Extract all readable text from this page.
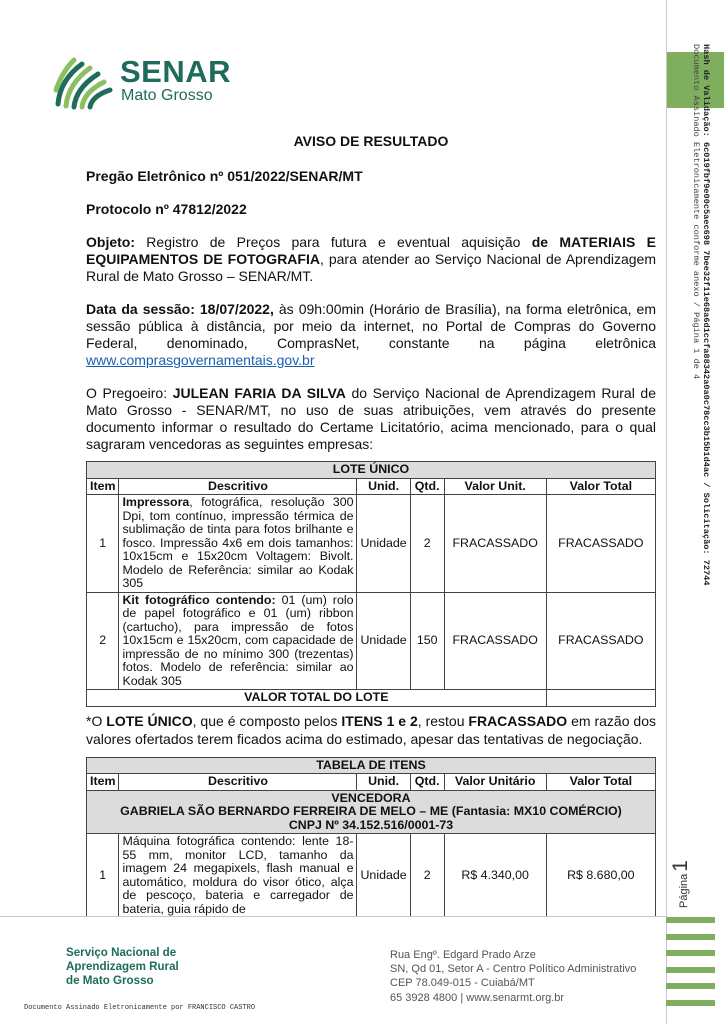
Hash de Validação: 6c019fbf9e00c5aec698 7bee32f11e68a6d1ccfa88342a0a0c78cc3b15b1d4ac / Solicitação: 72744
Documento Assinado Eletronicamente conforme anexo / Página 1 de 4
Página1
SENAR
Mato Grosso
AVISO DE RESULTADO
Pregão Eletrônico nº 051/2022/SENAR/MT
Protocolo nº 47812/2022
Objeto: Registro de Preços para futura e eventual aquisição de MATERIAIS E EQUIPAMENTOS DE FOTOGRAFIA, para atender ao Serviço Nacional de Aprendizagem Rural de Mato Grosso – SENAR/MT.
Data da sessão: 18/07/2022, às 09h:00min (Horário de Brasília), na forma eletrônica, em sessão pública à distância, por meio da internet, no Portal de Compras do Governo Federal, denominado, ComprasNet, constante na página eletrônica www.comprasgovernamentais.gov.br
O Pregoeiro: JULEAN FARIA DA SILVA do Serviço Nacional de Aprendizagem Rural de Mato Grosso - SENAR/MT, no uso de suas atribuições, vem através do presente documento informar o resultado do Certame Licitatório, acima mencionado, para o qual sagraram vencedoras as seguintes empresas:
LOTE ÚNICO					
Item	Descritivo	Unid.	Qtd.	Valor Unit.	Valor Total
1	Impressora, fotográfica, resolução 300 Dpi, tom contínuo, impressão térmica de sublimação de tinta para fotos brilhante e fosco. Impressão 4x6 em dois tamanhos: 10x15cm e 15x20cm Voltagem: Bivolt. Modelo de Referência: similar ao Kodak 305	Unidade	2	FRACASSADO	FRACASSADO
2	Kit fotográfico contendo: 01 (um) rolo de papel fotográfico e 01 (um) ribbon (cartucho), para impressão de fotos 10x15cm e 15x20cm, com capacidade de impressão de no mínimo 300 (trezentas) fotos. Modelo de referência: similar ao Kodak 305	Unidade	150	FRACASSADO	FRACASSADO
VALOR TOTAL DO LOTE					
*O LOTE ÚNICO, que é composto pelos ITENS 1 e 2, restou FRACASSADO em razão dos valores ofertados terem ficados acima do estimado, apesar das tentativas de negociação.
TABELA DE ITENS					
Item	Descritivo	Unid.	Qtd.	Valor Unitário	Valor Total

VENCEDORA
GABRIELA SÃO BERNARDO FERREIRA DE MELO – ME (Fantasia: MX10 COMÉRCIO)
CNPJ Nº 34.152.516/0001-73					

1	Máquina fotográfica contendo: lente 18-55 mm, monitor LCD, tamanho da imagem 24 megapixels, flash manual e automático, moldura do visor ótico, alça de pescoço, bateria e carregador de bateria, guia rápido de	Unidade	2	R$ 4.340,00	R$ 8.680,00
Serviço Nacional de
Aprendizagem Rural
de Mato Grosso
Rua Engº. Edgard Prado Arze
SN, Qd 01, Setor A - Centro Político Administrativo
CEP 78.049-015 - Cuiabá/MT
65 3928 4800 | www.senarmt.org.br
Documento Assinado Eletronicamente por FRANCISCO CASTRO
